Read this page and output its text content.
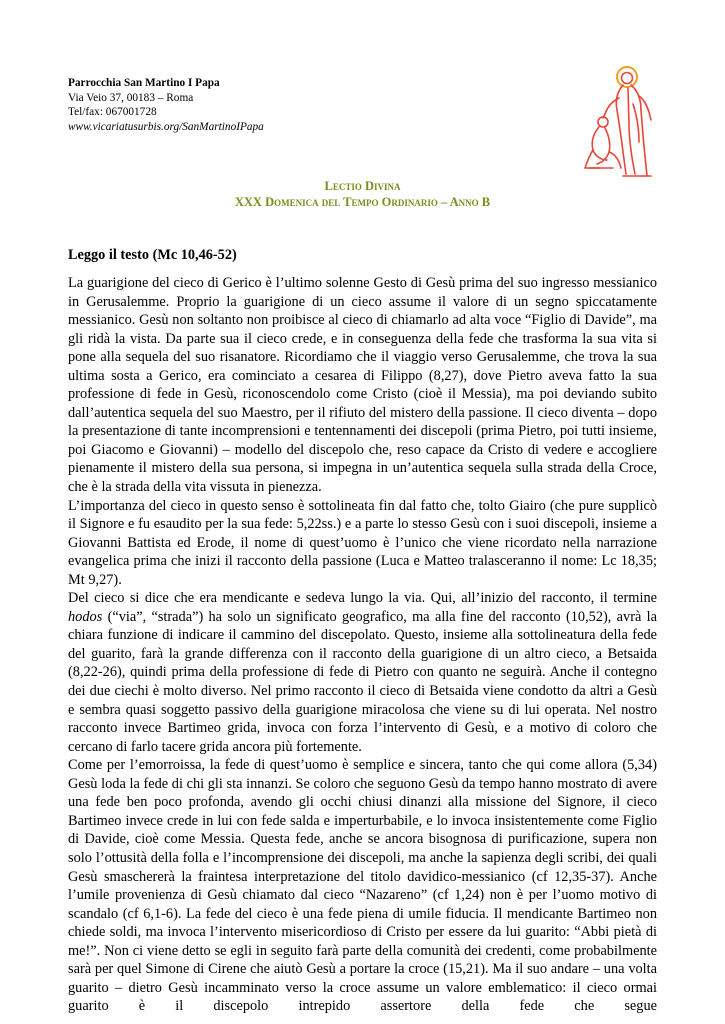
Parrocchia San Martino I Papa
Via Veio 37, 00183 – Roma
Tel/fax: 067001728
www.vicariatusurbis.org/SanMartinoIPapa
Lectio Divina
XXX Domenica del Tempo Ordinario – Anno B
Leggo il testo (Mc 10,46-52)

La guarigione del cieco di Gerico è l’ultimo solenne Gesto di Gesù prima del suo ingresso messianico in Gerusalemme. Proprio la guarigione di un cieco assume il valore di un segno spiccatamente messianico. Gesù non soltanto non proibisce al cieco di chiamarlo ad alta voce “Figlio di Davide”, ma gli ridà la vista. Da parte sua il cieco crede, e in conseguenza della fede che trasforma la sua vita si pone alla sequela del suo risanatore. Ricordiamo che il viaggio verso Gerusalemme, che trova la sua ultima sosta a Gerico, era cominciato a cesarea di Filippo (8,27), dove Pietro aveva fatto la sua professione di fede in Gesù, riconoscendolo come Cristo (cioè il Messia), ma poi deviando subito dall’autentica sequela del suo Maestro, per il rifiuto del mistero della passione. Il cieco diventa – dopo la presentazione di tante incomprensioni e tentennamenti dei discepoli (prima Pietro, poi tutti insieme, poi Giacomo e Giovanni) – modello del discepolo che, reso capace da Cristo di vedere e accogliere pienamente il mistero della sua persona, si impegna in un’autentica sequela sulla strada della Croce, che è la strada della vita vissuta in pienezza.

L’importanza del cieco in questo senso è sottolineata fin dal fatto che, tolto Giairo (che pure supplicò il Signore e fu esaudito per la sua fede: 5,22ss.) e a parte lo stesso Gesù con i suoi discepoli, insieme a Giovanni Battista ed Erode, il nome di quest’uomo è l’unico che viene ricordato nella narrazione evangelica prima che inizi il racconto della passione (Luca e Matteo tralasceranno il nome: Lc 18,35; Mt 9,27).

Del cieco si dice che era mendicante e sedeva lungo la via. Qui, all’inizio del racconto, il termine hodos (“via”, “strada”) ha solo un significato geografico, ma alla fine del racconto (10,52), avrà la chiara funzione di indicare il cammino del discepolato. Questo, insieme alla sottolineatura della fede del guarito, farà la grande differenza con il racconto della guarigione di un altro cieco, a Betsaida (8,22-26), quindi prima della professione di fede di Pietro con quanto ne seguirà. Anche il contegno dei due ciechi è molto diverso. Nel primo racconto il cieco di Betsaida viene condotto da altri a Gesù e sembra quasi soggetto passivo della guarigione miracolosa che viene su di lui operata. Nel nostro racconto invece Bartimeo grida, invoca con forza l’intervento di Gesù, e a motivo di coloro che cercano di farlo tacere grida ancora più fortemente.

Come per l’emorroissa, la fede di quest’uomo è semplice e sincera, tanto che qui come allora (5,34) Gesù loda la fede di chi gli sta innanzi. Se coloro che seguono Gesù da tempo hanno mostrato di avere una fede ben poco profonda, avendo gli occhi chiusi dinanzi alla missione del Signore, il cieco Bartimeo invece crede in lui con fede salda e imperturbabile, e lo invoca insistentemente come Figlio di Davide, cioè come Messia. Questa fede, anche se ancora bisognosa di purificazione, supera non solo l’ottusità della folla e l’incomprensione dei discepoli, ma anche la sapienza degli scribi, dei quali Gesù smaschererà la fraintesa interpretazione del titolo davidico-messianico (cf 12,35-37). Anche l’umile provenienza di Gesù chiamato dal cieco “Nazareno” (cf 1,24) non è per l’uomo motivo di scandalo (cf 6,1-6). La fede del cieco è una fede piena di umile fiducia. Il mendicante Bartimeo non chiede soldi, ma invoca l’intervento misericordioso di Cristo per essere da lui guarito: “Abbi pietà di me!”. Non ci viene detto se egli in seguito farà parte della comunità dei credenti, come probabilmente sarà per quel Simone di Cirene che aiutò Gesù a portare la croce (15,21). Ma il suo andare – una volta guarito – dietro Gesù incamminato verso la croce assume un valore emblematico: il cieco ormai guarito è il discepolo intrepido assertore della fede che segue
